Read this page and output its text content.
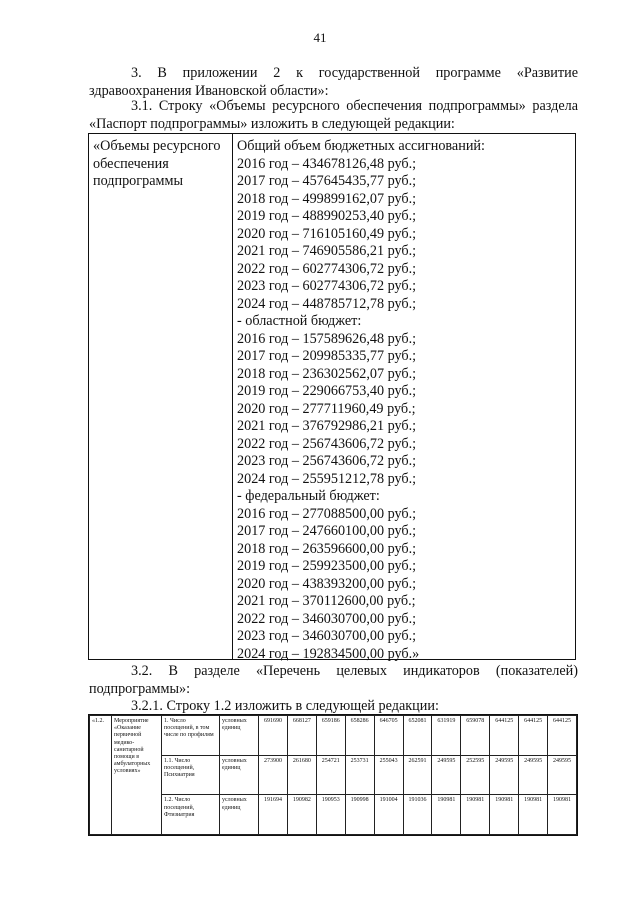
41
3. В приложении 2 к государственной программе «Развитие здравоохранения Ивановской области»:
3.1. Строку «Объемы ресурсного обеспечения подпрограммы» раздела «Паспорт подпрограммы» изложить в следующей редакции:
«Объемы ресурсного обеспечения подпрограммы
Общий объем бюджетных ассигнований:
2016 год – 434678126,48 руб.;
2017 год – 457645435,77 руб.;
2018 год – 499899162,07 руб.;
2019 год – 488990253,40 руб.;
2020 год – 716105160,49 руб.;
2021 год – 746905586,21 руб.;
2022 год – 602774306,72 руб.;
2023 год – 602774306,72 руб.;
2024 год – 448785712,78 руб.;
- областной бюджет:
2016 год – 157589626,48 руб.;
2017 год – 209985335,77 руб.;
2018 год – 236302562,07 руб.;
2019 год – 229066753,40 руб.;
2020 год – 277711960,49 руб.;
2021 год – 376792986,21 руб.;
2022 год – 256743606,72 руб.;
2023 год – 256743606,72 руб.;
2024 год – 255951212,78 руб.;
- федеральный бюджет:
2016 год – 277088500,00 руб.;
2017 год – 247660100,00 руб.;
2018 год – 263596600,00 руб.;
2019 год – 259923500,00 руб.;
2020 год – 438393200,00 руб.;
2021 год – 370112600,00 руб.;
2022 год – 346030700,00 руб.;
2023 год – 346030700,00 руб.;
2024 год – 192834500,00 руб.»
3.2. В разделе «Перечень целевых индикаторов (показателей) подпрограммы»:
3.2.1. Строку 1.2 изложить в следующей редакции:
«1.2.	Мероприятие «Оказание первичной медико-санитарной помощи в амбулаторных условиях»	1. Число посещений, в том числе по профилям	условных единиц	691690	668127	659186	658286	646705	652081	631919	659078	644125	644125	644125
		1.1. Число посещений, Психиатрия	условных единиц	273900	261680	254721	253731	255043	262591	249595	252595	249595	249595	249595
		1.2. Число посещений, Фтизиатрия	условных единиц	191694	190982	190953	190998	191004	191036	190981	190981	190981	190981	190981
